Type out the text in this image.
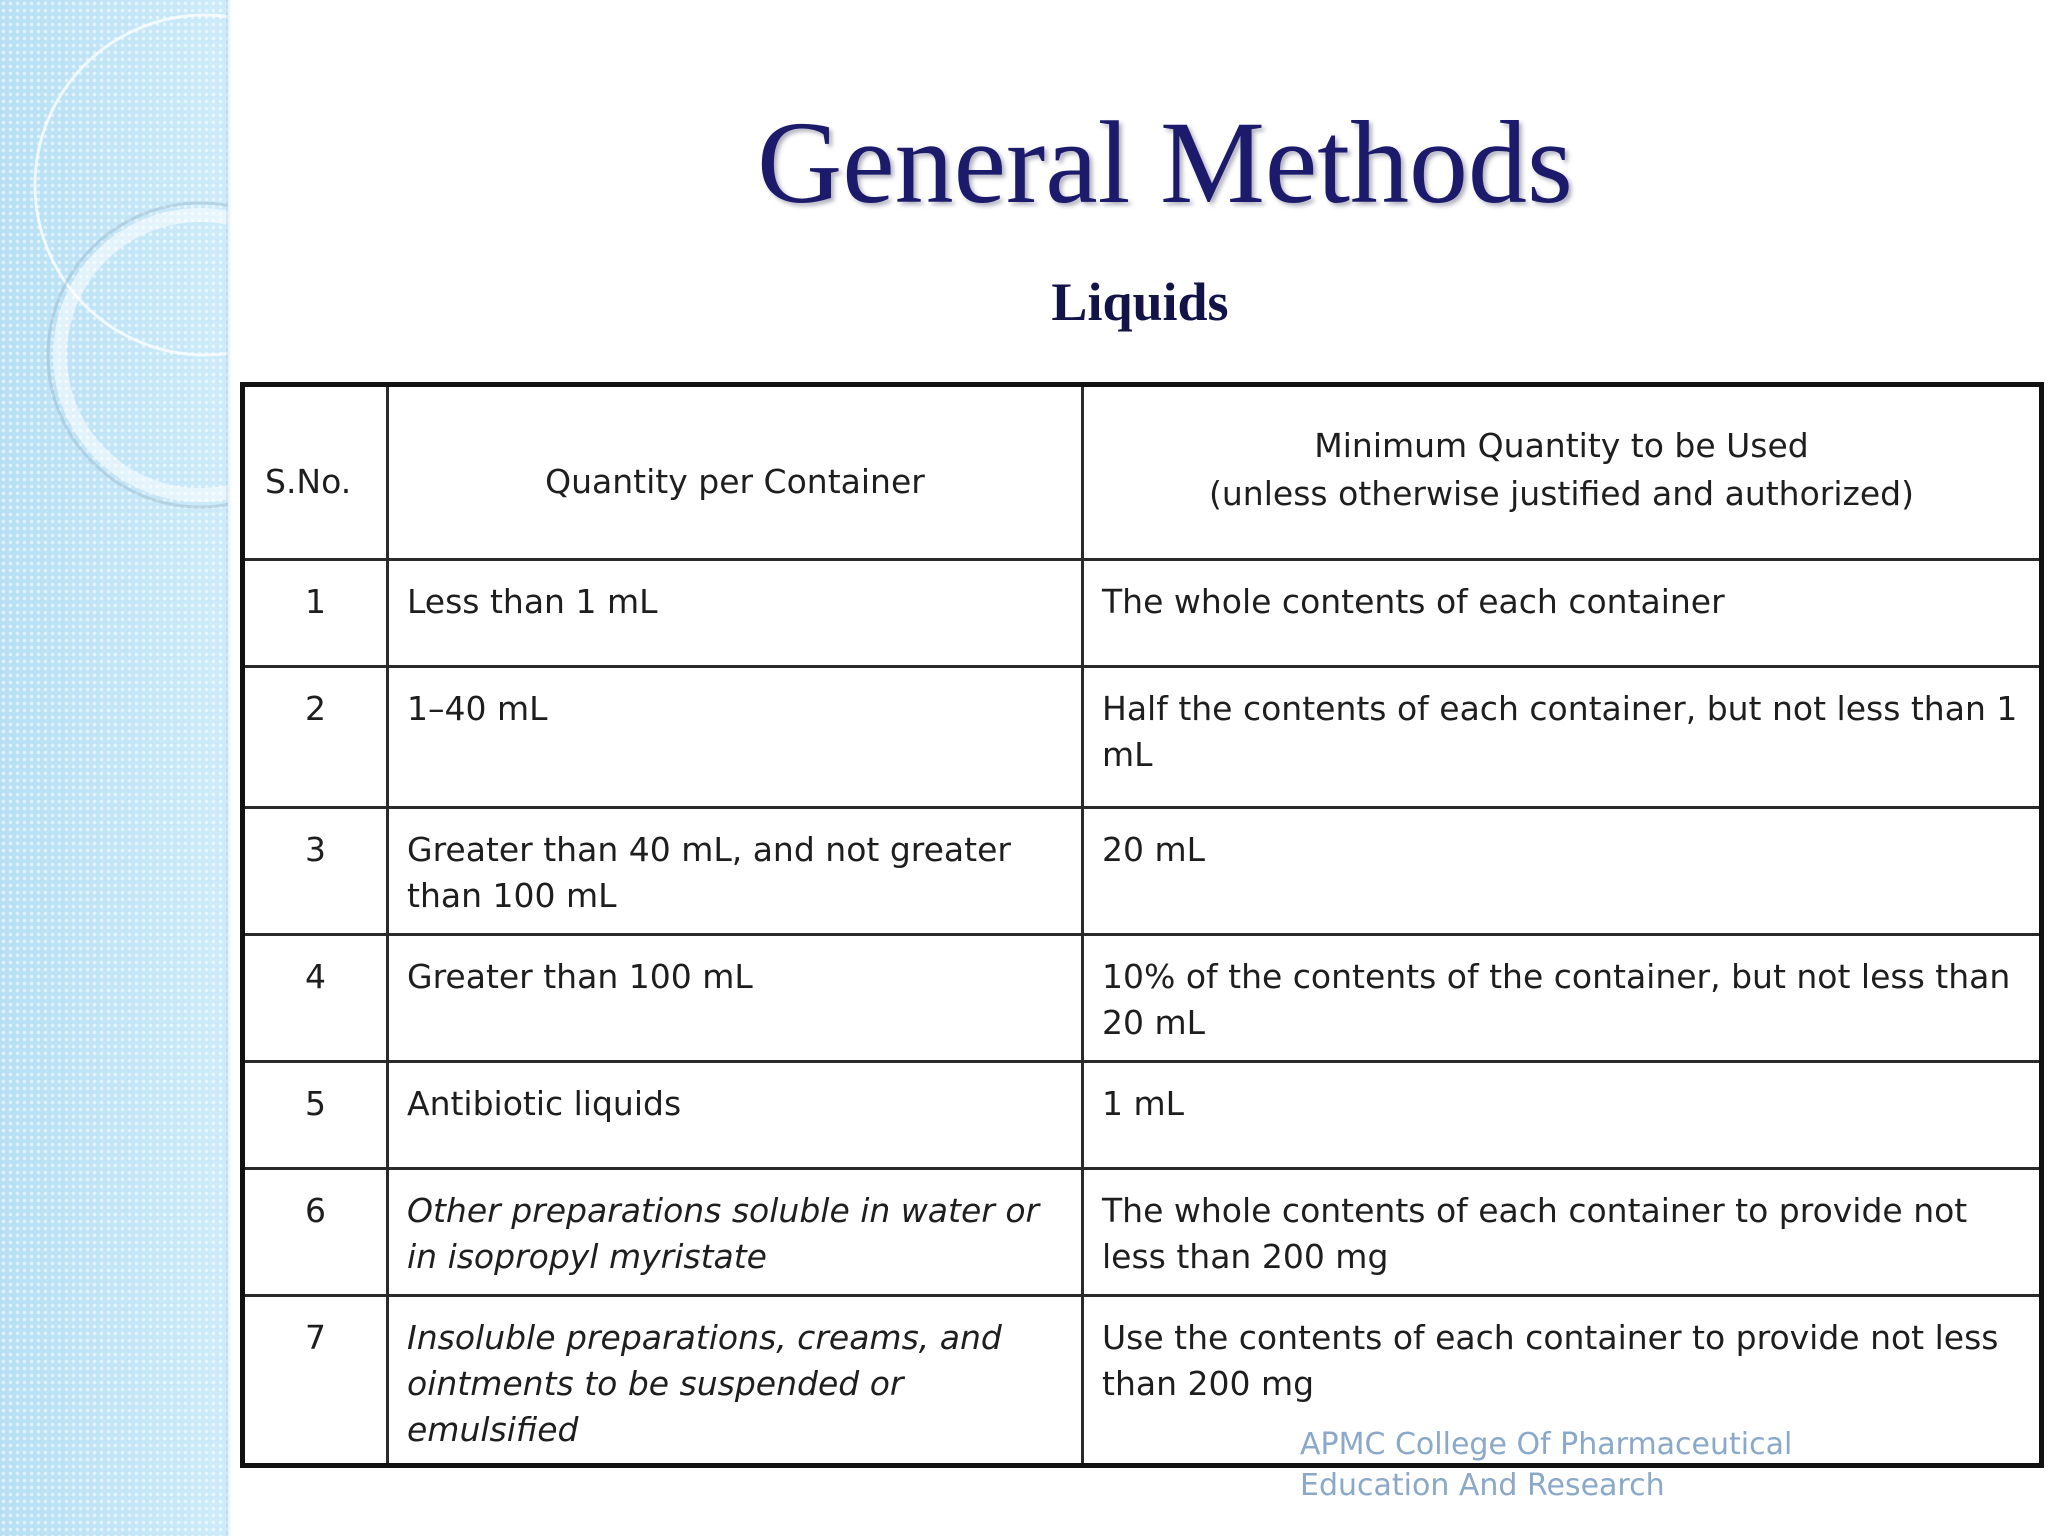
General Methods
Liquids
S.No.	Quantity per Container	Minimum Quantity to be Used
(unless otherwise justified and authorized)

1	Less than 1 mL	The whole contents of each container
2	1–40 mL	Half the contents of each container, but not less than 1 mL
3	Greater than 40 mL, and not greater than 100 mL	20 mL
4	Greater than 100 mL	10% of the contents of the container, but not less than 20 mL
5	Antibiotic liquids	1 mL
6	Other preparations soluble in water or in isopropyl myristate	The whole contents of each container to provide not less than 200 mg
7	Insoluble preparations, creams, and ointments to be suspended or emulsified	Use the contents of each container to provide not less than 200 mg
APMC College Of Pharmaceutical
Education And Research
